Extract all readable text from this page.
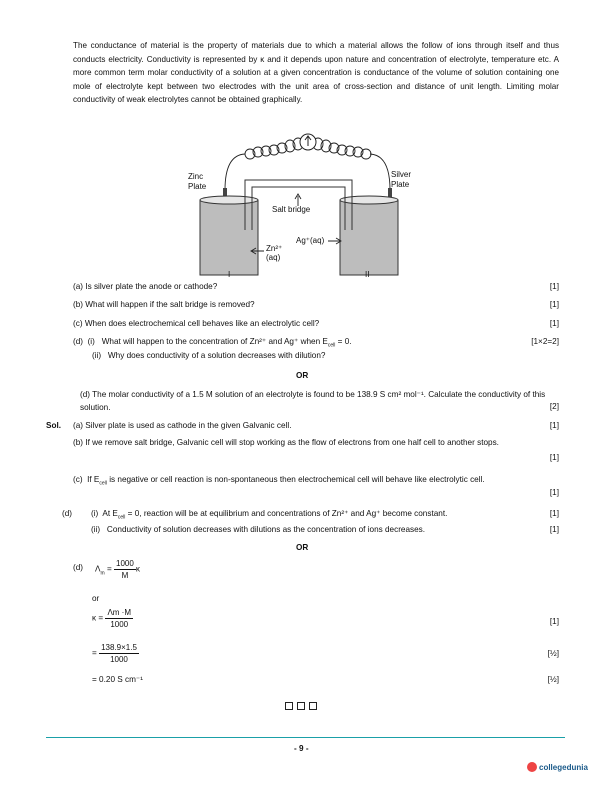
The conductance of material is the property of materials due to which a material allows the follow of ions through itself and thus conducts electricity. Conductivity is represented by κ and it depends upon nature and concentration of electrolyte, temperature etc. A more common term molar conductivity of a solution at a given concentration is conductance of the volume of solution containing one mole of electrolyte kept between two electrodes with the unit area of cross-section and distance of unit length. Limiting molar conductivity of weak electrolytes cannot be obtained graphically.
Zinc
Plate
Silver
Plate
Salt bridge
Ag⁺(aq)
Zn²⁺
(aq)
I	II
(a) Is silver plate the anode or cathode?	[1]
(b) What will happen if the salt bridge is removed?	[1]
(c) When does electrochemical cell behaves like an electrolytic cell?	[1]
(d) (i) What will happen to the concentration of Zn²⁺ and Ag⁺ when $E_{cell} = 0$.	[1×2=2]
(ii) Why does conductivity of a solution decreases with dilution?
OR
(d) The molar conductivity of a 1.5 M solution of an electrolyte is found to be 138.9 S cm² mol⁻¹. Calculate the conductivity of this solution.	[2]
Sol. (a) Silver plate is used as cathode in the given Galvanic cell.	[1]
(b) If we remove salt bridge, Galvanic cell will stop working as the flow of electrons from one half cell to another stops.
[1]
(c) If $E_{cell}$ is negative or cell reaction is non-spontaneous then electrochemical cell will behave like electrolytic cell.
[1]
(d) (i) At $E_{cell} = 0$, reaction will be at equilibrium and concentrations of Zn²⁺ and Ag⁺ become constant.	[1]
(ii) Conductivity of solution decreases with dilutions as the concentration of ions decreases.	[1]
OR
(d) $\Lambda_m = \frac{1000}{M}$ κ
or
$\kappa = \frac{\Lambda m \cdot M}{1000}$	[1]
= $\frac{138.9\times 1.5}{1000}$	[½]
= 0.20 S cm⁻¹	[½]
- 9 -
collegedunia
